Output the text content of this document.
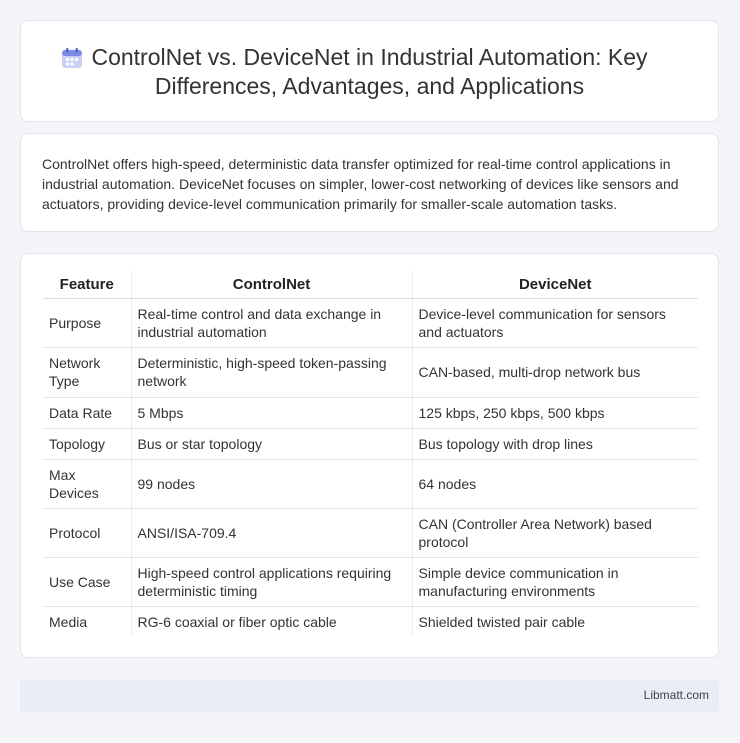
ControlNet vs. DeviceNet in Industrial Automation: Key Differences, Advantages, and Applications

ControlNet offers high-speed, deterministic data transfer optimized for real-time control applications in industrial automation. DeviceNet focuses on simpler, lower-cost networking of devices like sensors and actuators, providing device-level communication primarily for smaller-scale automation tasks.

Feature	ControlNet	DeviceNet
Purpose	Real-time control and data exchange in industrial automation	Device-level communication for sensors and actuators
Network Type	Deterministic, high-speed token-passing network	CAN-based, multi-drop network bus
Data Rate	5 Mbps	125 kbps, 250 kbps, 500 kbps
Topology	Bus or star topology	Bus topology with drop lines
Max Devices	99 nodes	64 nodes
Protocol	ANSI/ISA-709.4	CAN (Controller Area Network) based protocol
Use Case	High-speed control applications requiring deterministic timing	Simple device communication in manufacturing environments
Media	RG-6 coaxial or fiber optic cable	Shielded twisted pair cable
Libmatt.com
